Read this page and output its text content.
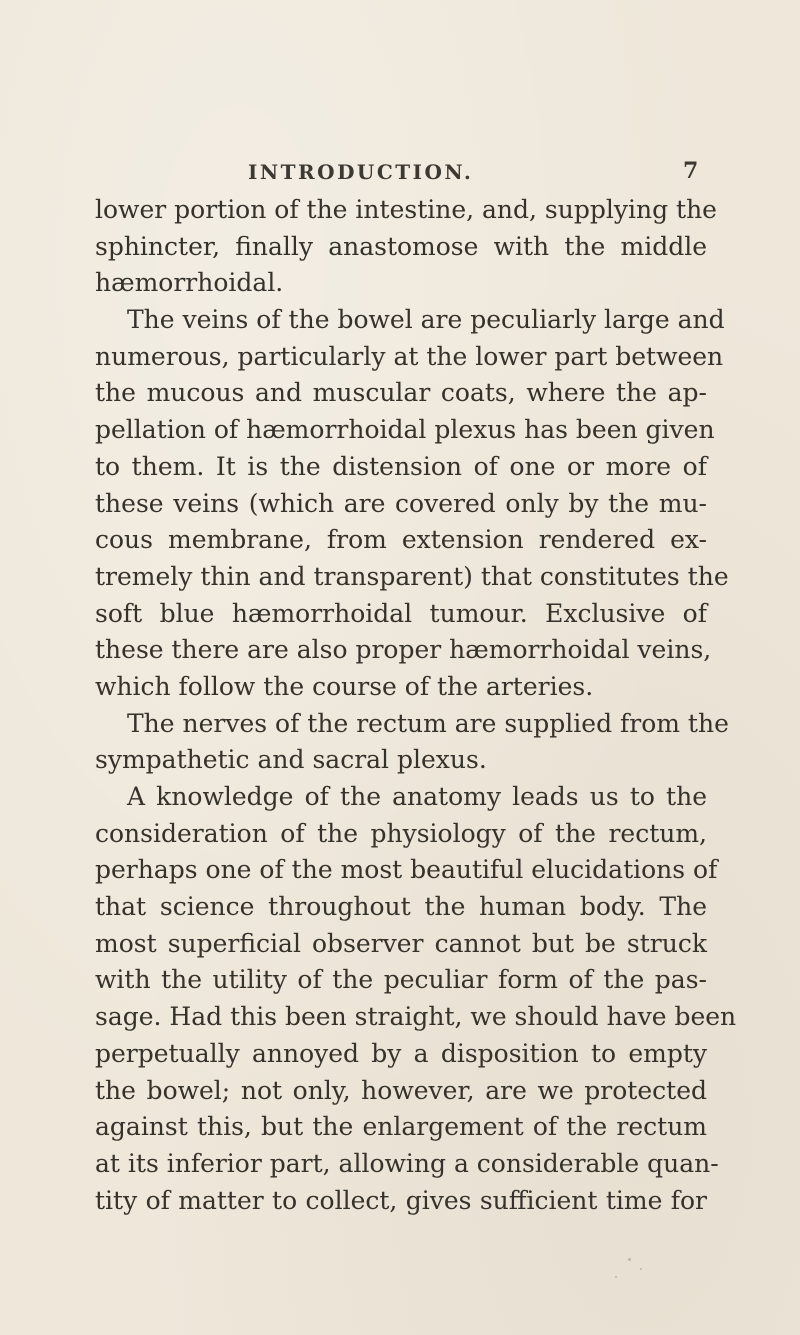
INTRODUCTION.	7
lower portion of the intestine, and, supplying the
sphincter, finally anastomose with the middle
hæmorrhoidal.
The veins of the bowel are peculiarly large and
numerous, particularly at the lower part between
the mucous and muscular coats, where the ap-
pellation of hæmorrhoidal plexus has been given
to them. It is the distension of one or more of
these veins (which are covered only by the mu-
cous membrane, from extension rendered ex-
tremely thin and transparent) that constitutes the
soft blue hæmorrhoidal tumour. Exclusive of
these there are also proper hæmorrhoidal veins,
which follow the course of the arteries.
The nerves of the rectum are supplied from the
sympathetic and sacral plexus.
A knowledge of the anatomy leads us to the
consideration of the physiology of the rectum,
perhaps one of the most beautiful elucidations of
that science throughout the human body. The
most superficial observer cannot but be struck
with the utility of the peculiar form of the pas-
sage. Had this been straight, we should have been
perpetually annoyed by a disposition to empty
the bowel; not only, however, are we protected
against this, but the enlargement of the rectum
at its inferior part, allowing a considerable quan-
tity of matter to collect, gives sufficient time for
